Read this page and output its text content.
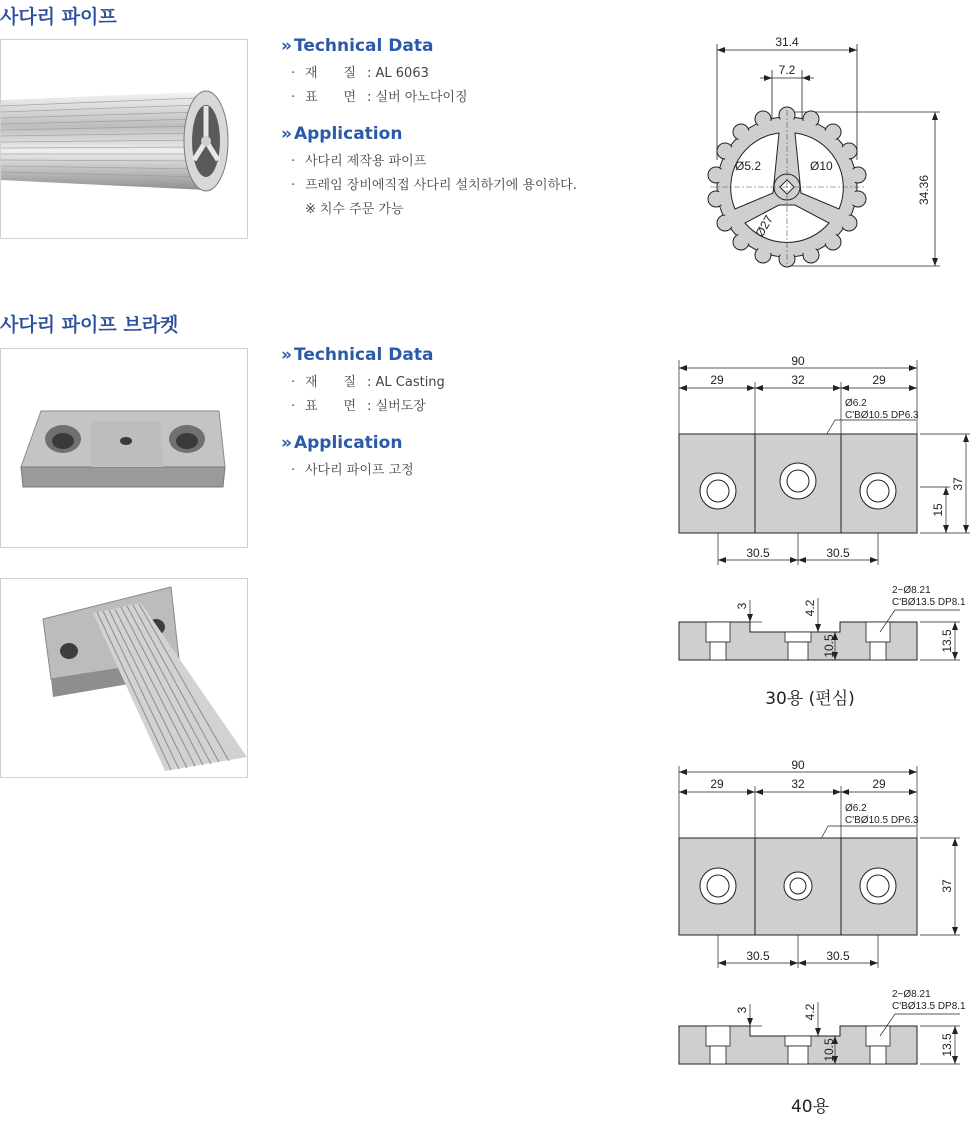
사다리 파이프
» Technical Data
· 재　　질 : AL 6063
· 표　　면 : 실버 아노다이징
» Application
· 사다리 제작용 파이프
· 프레임 장비에직접 사다리 설치하기에 용이하다.
※ 치수 주문 가능
31.4
7.2
34.36
Ø5.2	Ø10
Ø27
사다리 파이프 브라켓
» Technical Data
· 재　　질 : AL Casting
· 표　　면 : 실버도장
» Application
· 사다리 파이프 고정
90
29	32	29
Ø6.2
C'BØ10.5 DP6.3
30.5	30.5
37
15
3	4.2
10.5	13.5
2−Ø8.21
C'BØ13.5 DP8.1
30용 (편심)
90
29	32	29
Ø6.2
C'BØ10.5 DP6.3
30.5	30.5
37
3	4.2
10.5	13.5
2−Ø8.21
C'BØ13.5 DP8.1
40용
